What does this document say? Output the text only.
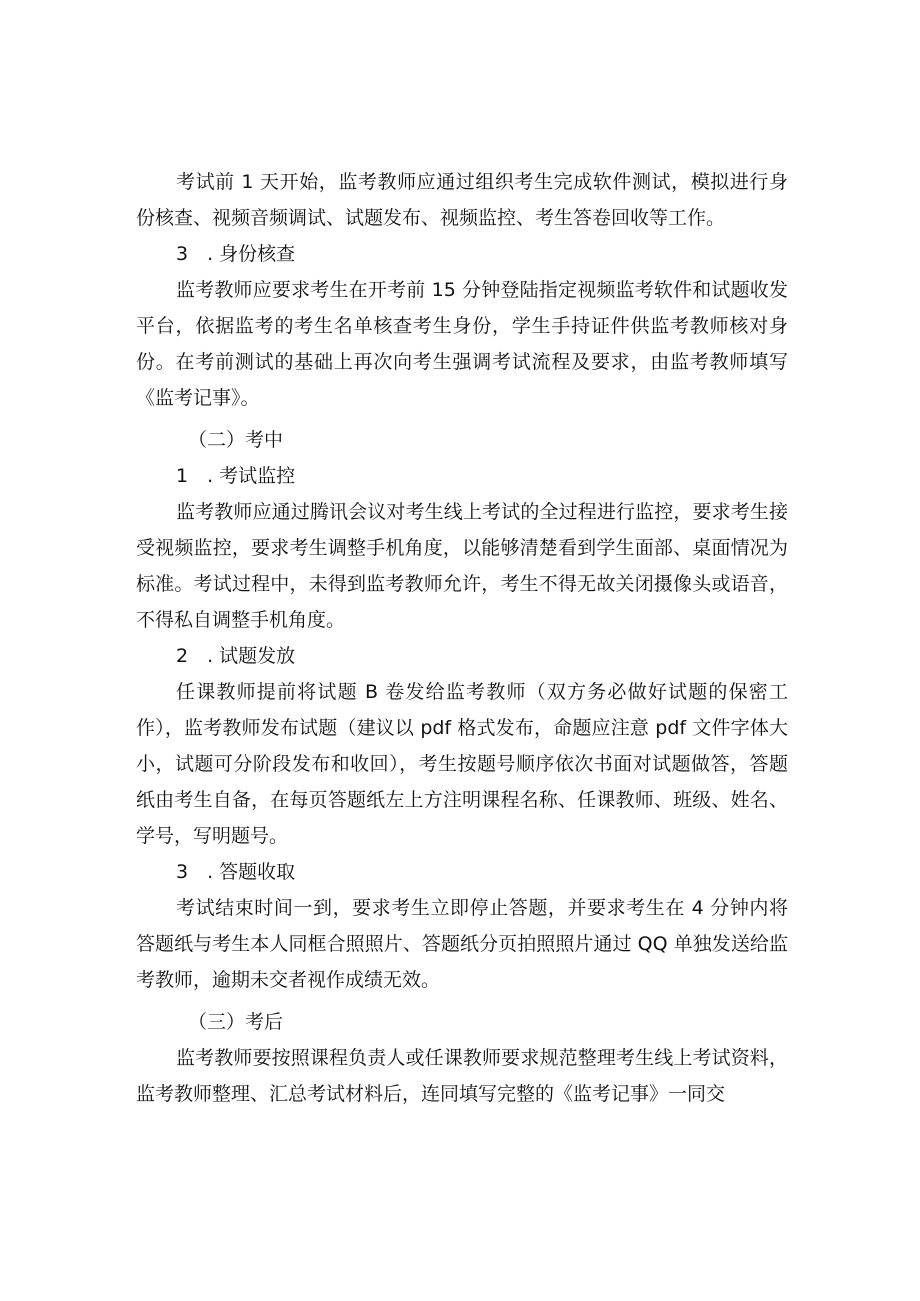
考试前 1 天开始，监考教师应通过组织考生完成软件测试，模拟进行身份核查、视频音频调试、试题发布、视频监控、考生答卷回收等工作。

3　. 身份核查

监考教师应要求考生在开考前 15 分钟登陆指定视频监考软件和试题收发平台，依据监考的考生名单核查考生身份，学生手持证件供监考教师核对身份。在考前测试的基础上再次向考生强调考试流程及要求，由监考教师填写《监考记事》。

（二）考中

1　. 考试监控

监考教师应通过腾讯会议对考生线上考试的全过程进行监控，要求考生接受视频监控，要求考生调整手机角度，以能够清楚看到学生面部、桌面情况为标准。考试过程中，未得到监考教师允许，考生不得无故关闭摄像头或语音，不得私自调整手机角度。

2　. 试题发放

任课教师提前将试题 B 卷发给监考教师（双方务必做好试题的保密工作），监考教师发布试题（建议以 pdf 格式发布，命题应注意 pdf 文件字体大小，试题可分阶段发布和收回），考生按题号顺序依次书面对试题做答，答题纸由考生自备，在每页答题纸左上方注明课程名称、任课教师、班级、姓名、学号，写明题号。

3　. 答题收取

考试结束时间一到，要求考生立即停止答题，并要求考生在 4 分钟内将答题纸与考生本人同框合照照片、答题纸分页拍照照片通过 QQ 单独发送给监考教师，逾期未交者视作成绩无效。

（三）考后

监考教师要按照课程负责人或任课教师要求规范整理考生线上考试资料，监考教师整理、汇总考试材料后，连同填写完整的《监考记事》一同交
